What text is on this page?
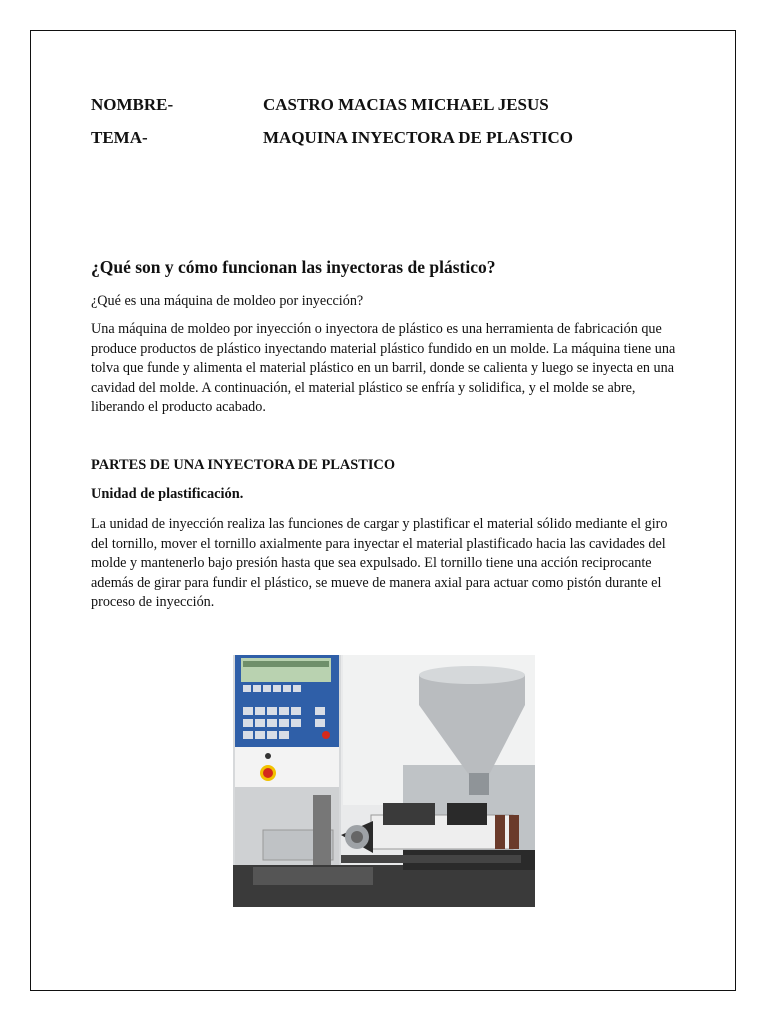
NOMBRE-	CASTRO MACIAS MICHAEL JESUS
TEMA-	MAQUINA INYECTORA DE PLASTICO
¿Qué son y cómo funcionan las inyectoras de plástico?
¿Qué es una máquina de moldeo por inyección?
Una máquina de moldeo por inyección o inyectora de plástico es una herramienta de fabricación que produce productos de plástico inyectando material plástico fundido en un molde. La máquina tiene una tolva que funde y alimenta el material plástico en un barril, donde se calienta y luego se inyecta en una cavidad del molde. A continuación, el material plástico se enfría y solidifica, y el molde se abre, liberando el producto acabado.
PARTES DE UNA INYECTORA DE PLASTICO
Unidad de plastificación.
La unidad de inyección realiza las funciones de cargar y plastificar el material sólido mediante el giro del tornillo, mover el tornillo axialmente para inyectar el material plastificado hacia las cavidades del molde y mantenerlo bajo presión hasta que sea expulsado. El tornillo tiene una acción reciprocante además de girar para fundir el plástico, se mueve de manera axial para actuar como pistón durante el proceso de inyección.
